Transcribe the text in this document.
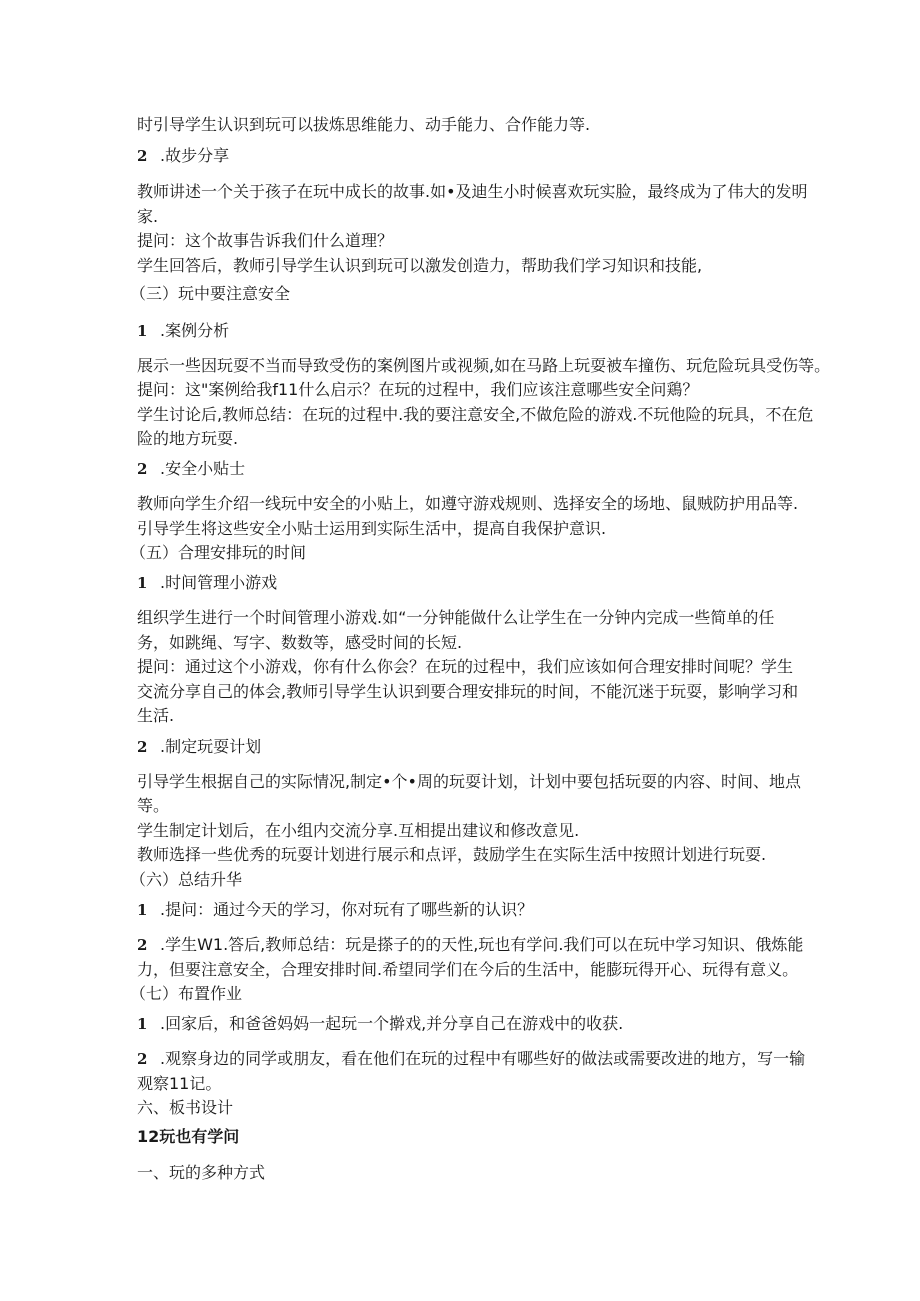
时引导学生认识到玩可以拔炼思维能力、动手能力、合作能力等.
2 .故步分享
教师讲述一个关于孩子在玩中成长的故事.如•及迪生小时候喜欢玩实脸，最终成为了伟大的发明
家.
提问：这个故事告诉我们什么道理？
学生回答后，教师引导学生认识到玩可以激发创造力，帮助我们学习知识和技能,
（三）玩中要注意安全
1 .案例分析
展示一些因玩耍不当而导致受伤的案例图片或视频,如在马路上玩耍被车撞伤、玩危险玩具受伤等。
提问：这"案例给我f11什么启示？在玩的过程中，我们应该注意哪些安全问鶏？
学生讨论后,教师总结：在玩的过程中.我的要注意安全,不做危险的游戏.不玩他险的玩具，不在危
险的地方玩耍.
2 .安全小贴士
教师向学生介绍一线玩中安全的小贴上，如遵守游戏规则、选择安全的场地、鼠贼防护用品等.
引导学生将这些安全小贴士运用到实际生活中，提高自我保护意识.
（五）合理安排玩的时间
1 .时间管理小游戏
组织学生进行一个时间管理小游戏.如“一分钟能做什么让学生在一分钟内完成一些简单的任
务，如跳绳、写字、数数等，感受时间的长短.
提问：通过这个小游戏，你有什么你会？在玩的过程中，我们应该如何合理安排时间呢？学生
交流分享自己的体会,教师引导学生认识到要合理安排玩的时间，不能沉迷于玩耍，影响学习和
生活.
2 .制定玩耍计划
引导学生根据自己的实际情况,制定•个•周的玩耍计划，计划中要包括玩耍的内容、时间、地点
等。
学生制定计划后，在小组内交流分享.互相提出建议和修改意见.
教师选择一些优秀的玩耍计划进行展示和点评，鼓励学生在实际生活中按照计划进行玩耍.
（六）总结升华
1 .提问：通过今天的学习，你对玩有了哪些新的认识？
2 .学生W1.答后,教师总结：玩是搽子的的天性,玩也有学问.我们可以在玩中学习知识、俄炼能
力，但要注意安全，合理安排时间.希望同学们在今后的生活中，能膨玩得开心、玩得有意义。
（七）布置作业
1 .回家后，和爸爸妈妈一起玩一个擀戏,并分享自己在游戏中的收获.
2 .观察身边的同学或朋友，看在他们在玩的过程中有哪些好的做法或需要改进的地方，写一输
观察11记。
六、板书设计
12玩也有学问
一、玩的多种方式
